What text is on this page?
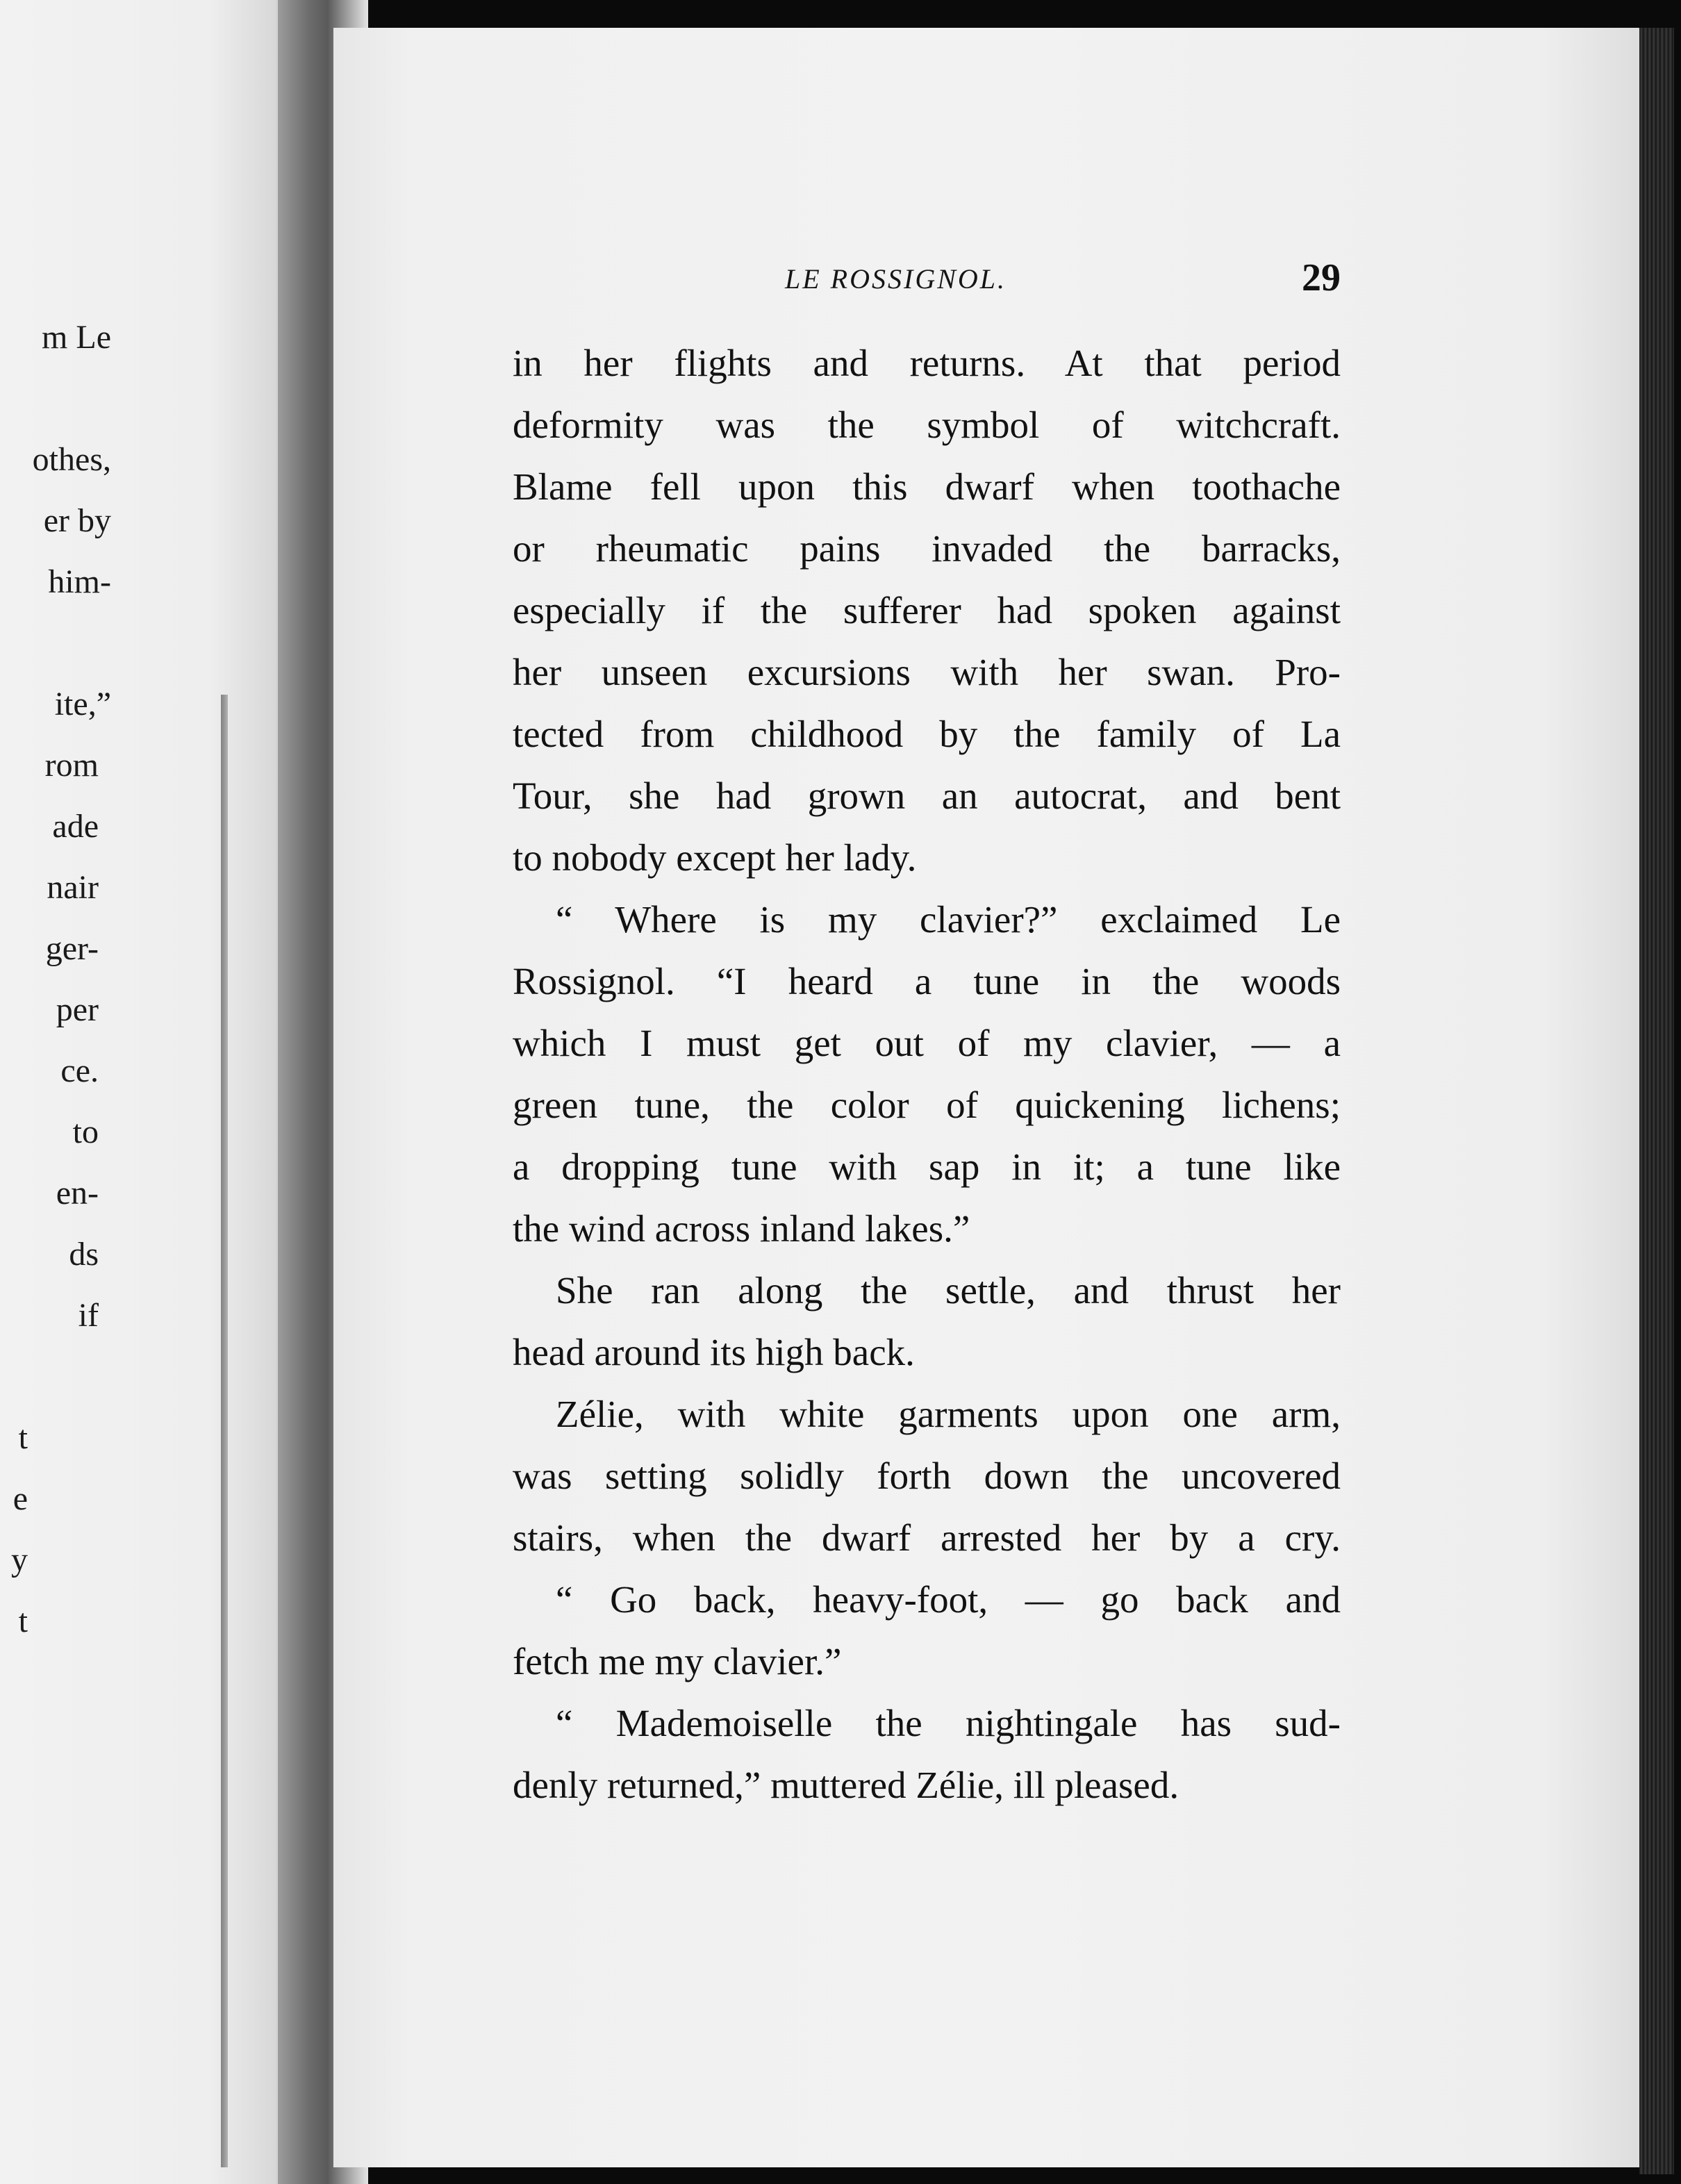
m Le
othes,
er by
him-
ite,”
rom
ade
nair
ger-
per
ce.
to
en-
ds
if
t
e
y
t
LE ROSSIGNOL.	29
in her flights and returns. At that period
deformity was the symbol of witchcraft.
Blame fell upon this dwarf when toothache
or rheumatic pains invaded the barracks,
especially if the sufferer had spoken against
her unseen excursions with her swan. Pro-
tected from childhood by the family of La
Tour, she had grown an autocrat, and bent
to nobody except her lady.
“ Where is my clavier?” exclaimed Le
Rossignol. “I heard a tune in the woods
which I must get out of my clavier, — a
green tune, the color of quickening lichens;
a dropping tune with sap in it; a tune like
the wind across inland lakes.”
She ran along the settle, and thrust her
head around its high back.
Zélie, with white garments upon one arm,
was setting solidly forth down the uncovered
stairs, when the dwarf arrested her by a cry.
“ Go back, heavy-foot, — go back and
fetch me my clavier.”
“ Mademoiselle the nightingale has sud-
denly returned,” muttered Zélie, ill pleased.
